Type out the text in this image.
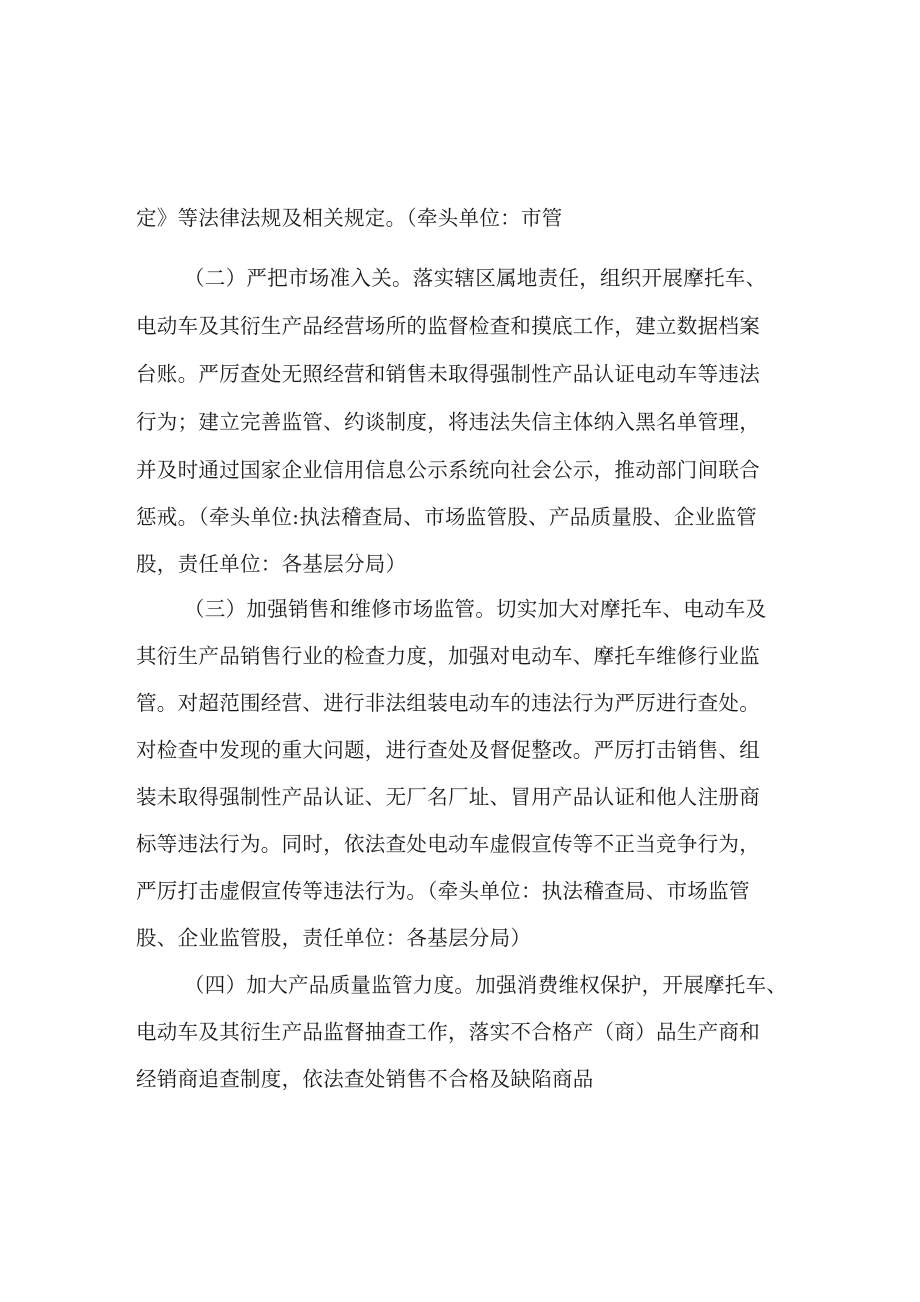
定》等法律法规及相关规定。（牵头单位：市管
（二）严把市场准入关。落实辖区属地责任，组织开展摩托车、
电动车及其衍生产品经营场所的监督检查和摸底工作，建立数据档案
台账。严厉查处无照经营和销售未取得强制性产品认证电动车等违法
行为；建立完善监管、约谈制度，将违法失信主体纳入黑名单管理，
并及时通过国家企业信用信息公示系统向社会公示，推动部门间联合
惩戒。（牵头单位:执法稽查局、市场监管股、产品质量股、企业监管
股，责任单位：各基层分局）
（三）加强销售和维修市场监管。切实加大对摩托车、电动车及
其衍生产品销售行业的检查力度，加强对电动车、摩托车维修行业监
管。对超范围经营、进行非法组装电动车的违法行为严厉进行查处。
对检查中发现的重大问题，进行查处及督促整改。严厉打击销售、组
装未取得强制性产品认证、无厂名厂址、冒用产品认证和他人注册商
标等违法行为。同时，依法查处电动车虚假宣传等不正当竞争行为，
严厉打击虚假宣传等违法行为。（牵头单位：执法稽查局、市场监管
股、企业监管股，责任单位：各基层分局）
（四）加大产品质量监管力度。加强消费维权保护，开展摩托车、
电动车及其衍生产品监督抽查工作，落实不合格产（商）品生产商和
经销商追查制度，依法查处销售不合格及缺陷商品
